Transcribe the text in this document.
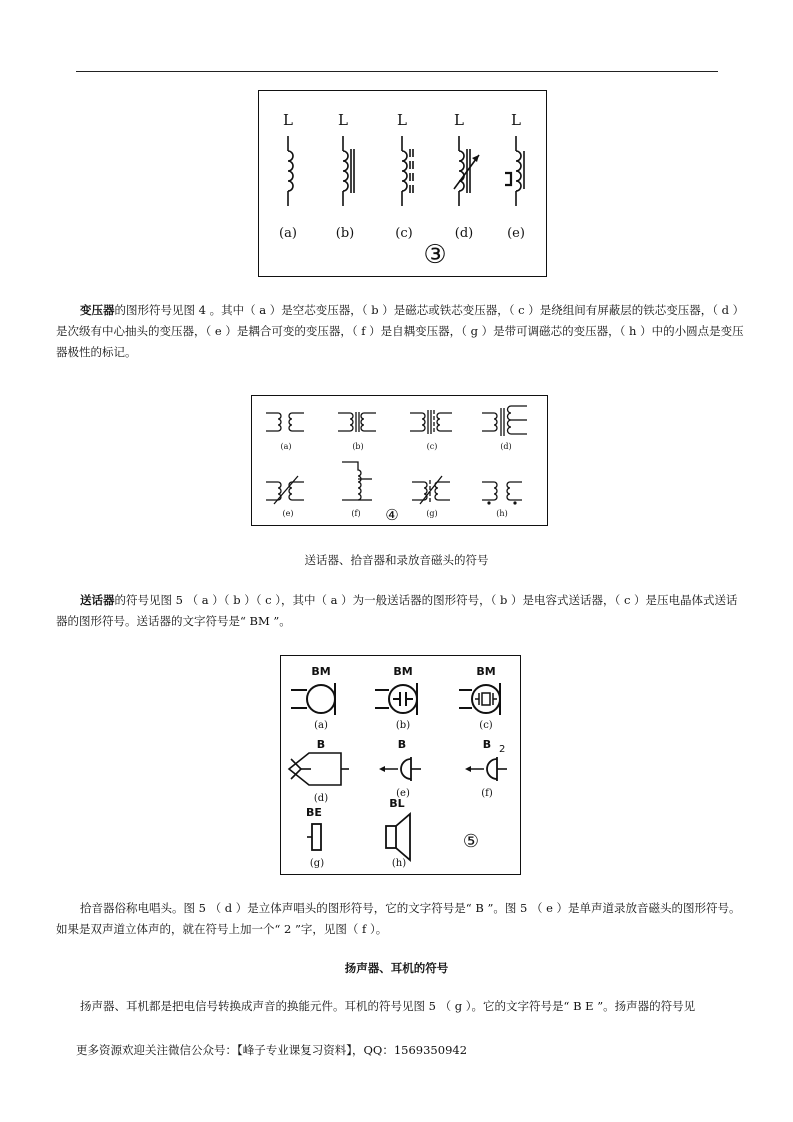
L	L	L	L	L
(a)	(b)	(c)	(d)	(e)
③

变压器的图形符号见图 4 。其中（ a ）是空芯变压器，（ b ）是磁芯或铁芯变压器，（ c ）是绕组间有屏蔽层的铁芯变压器，（ d ）是次级有中心抽头的变压器，（ e ）是耦合可变的变压器，（ f ）是自耦变压器，（ g ）是带可调磁芯的变压器，（ h ）中的小圆点是变压器极性的标记。

(a)	(b)	(c)	(d)
(e)	(f)	(g)	(h)
④

送话器、拾音器和录放音磁头的符号

送话器的符号见图 5 （ a ）（ b ）（ c ），其中（ a ）为一般送话器的图形符号，（ b ）是电容式送话器，（ c ）是压电晶体式送话器的图形符号。送话器的文字符号是“ BM ”。

BM	BM	BM
B	B	B
BE
BL
2
(a)	(b)	(c)
(d)	(e)	(f)
(g)	(h)
⑤

拾音器俗称电唱头。图 5 （ d ）是立体声唱头的图形符号，它的文字符号是“ B ”。图 5 （ e ）是单声道录放音磁头的图形符号。如果是双声道立体声的，就在符号上加一个“ 2 ”字，见图（ f ）。

扬声器、耳机的符号

扬声器、耳机都是把电信号转换成声音的换能元件。耳机的符号见图 5 （ g ）。它的文字符号是“ B E ”。扬声器的符号见

更多资源欢迎关注微信公众号：【峰子专业课复习资料】，QQ：1569350942
